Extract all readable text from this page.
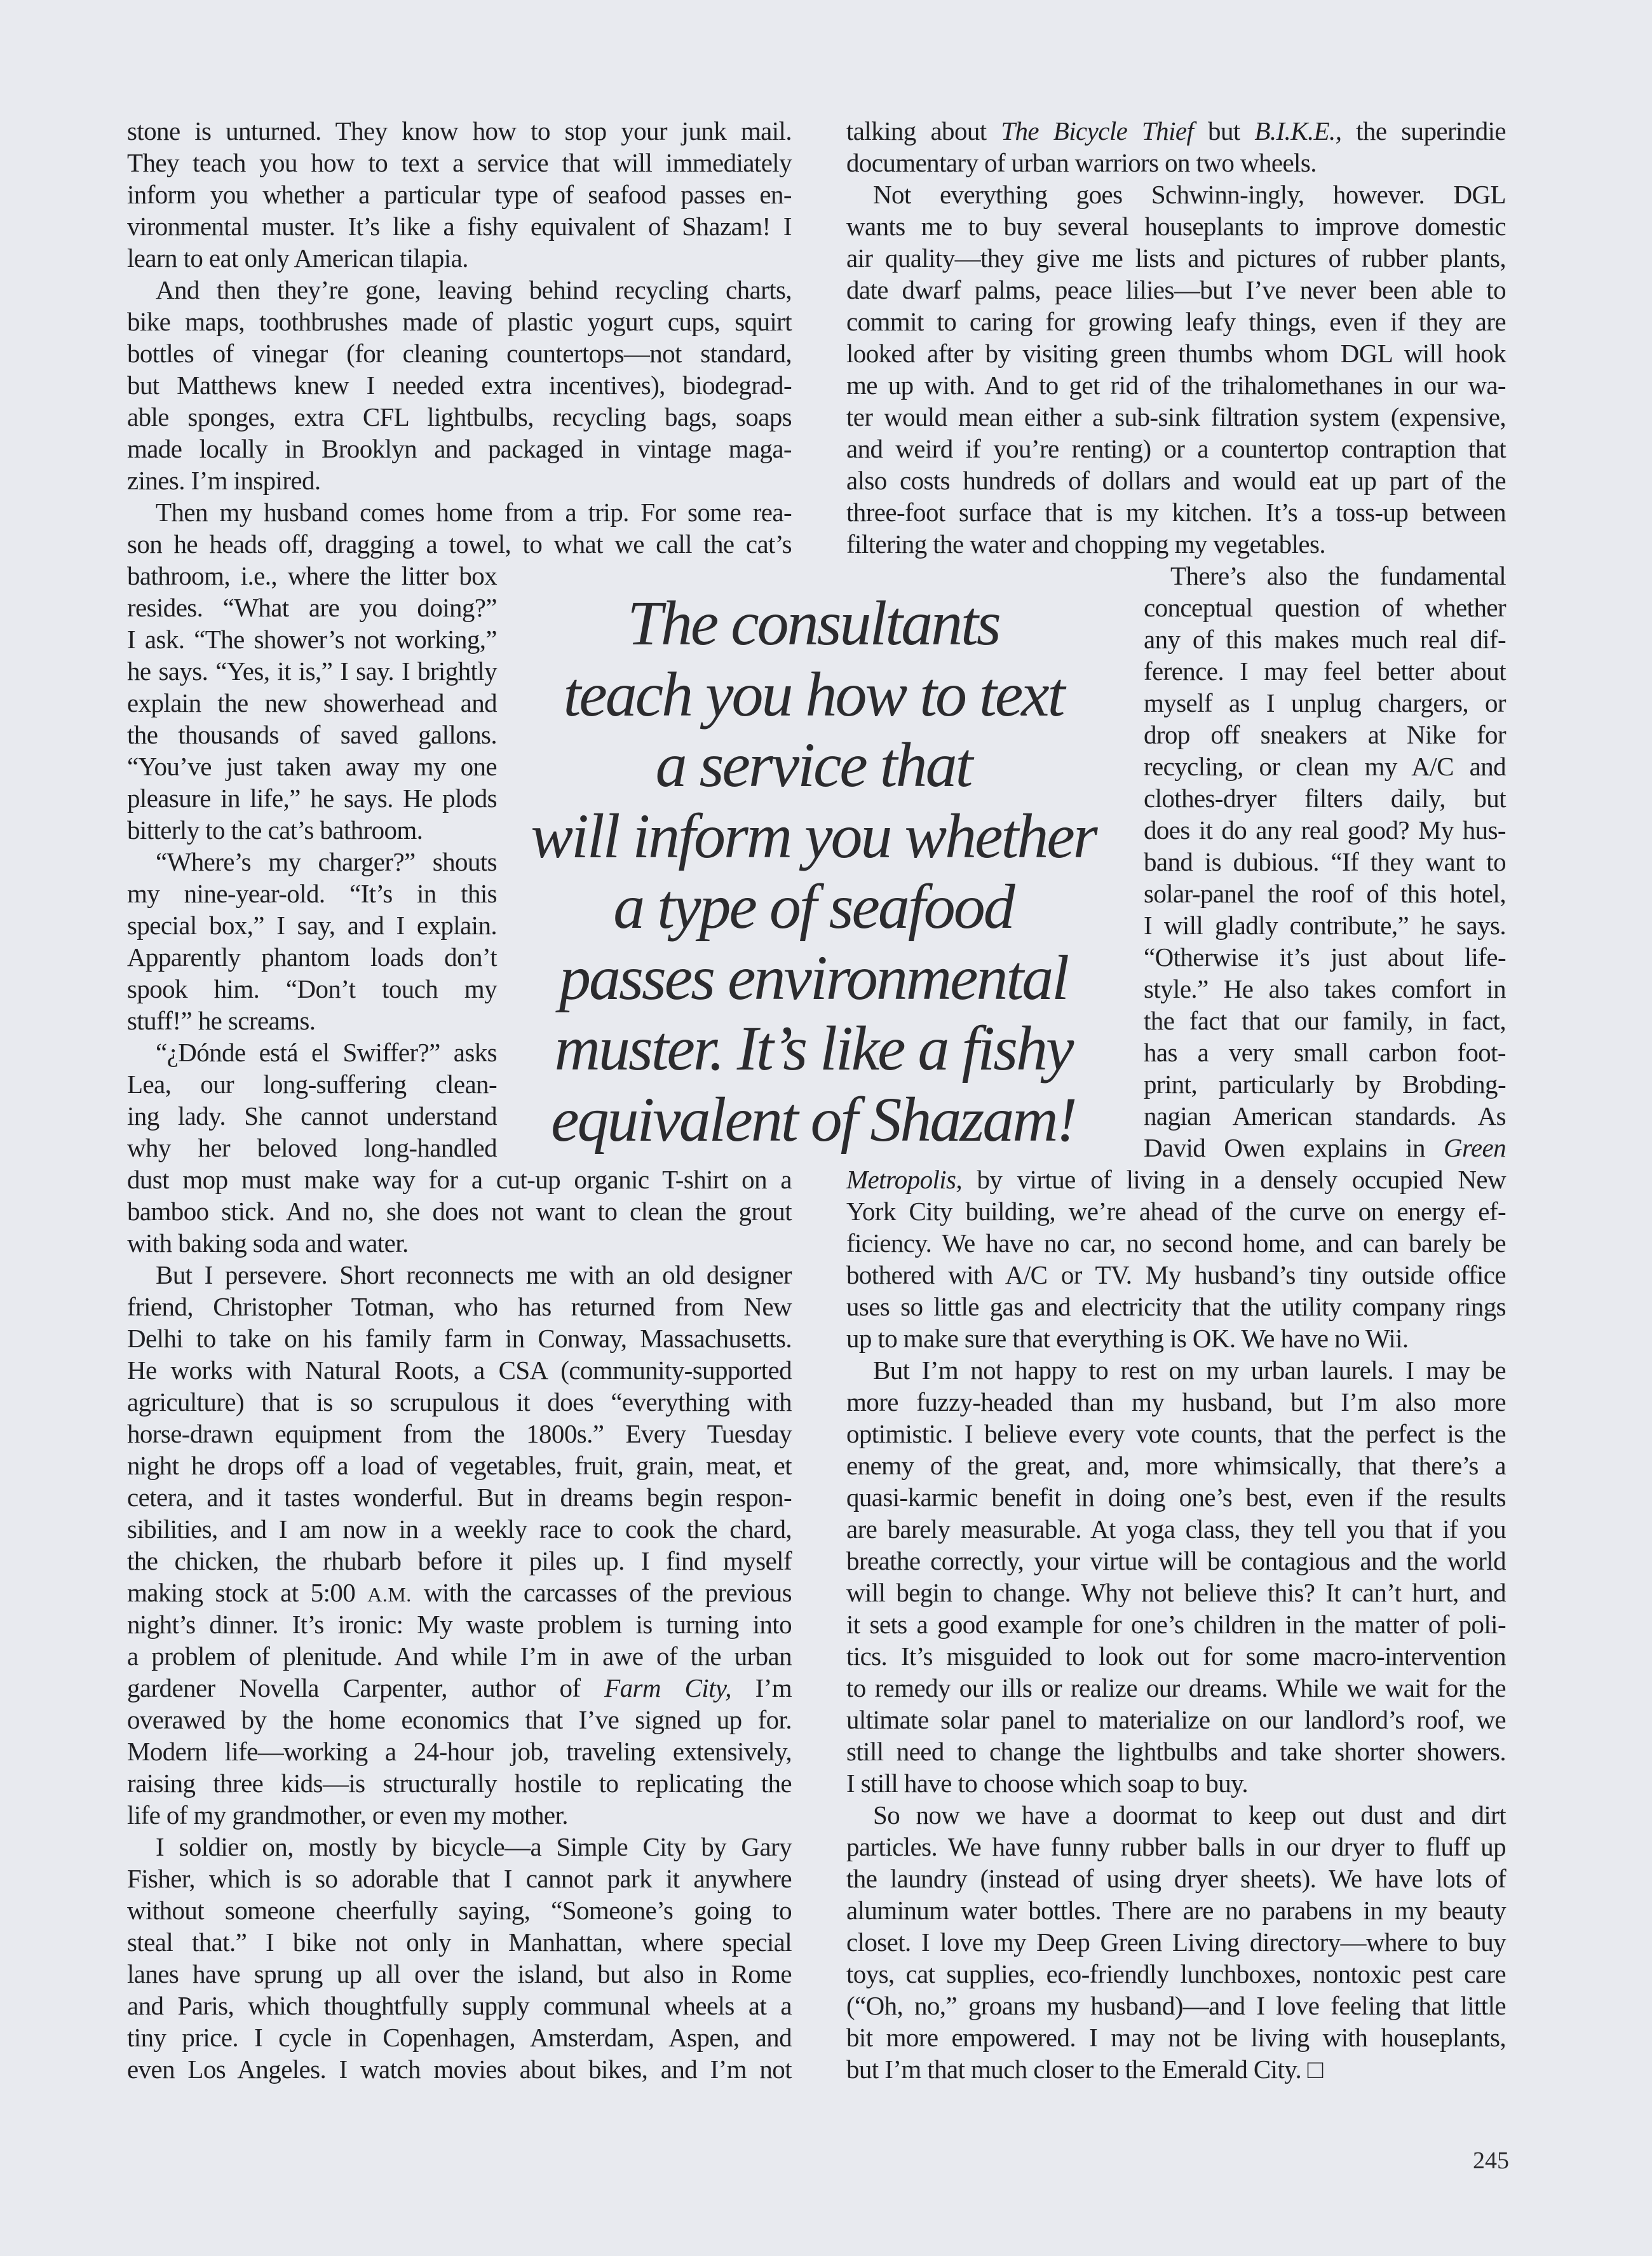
stone is unturned. They know how to stop your junk mail.
They teach you how to text a service that will immediately
inform you whether a particular type of seafood passes en-
vironmental muster. It’s like a fishy equivalent of Shazam! I
learn to eat only American tilapia.
And then they’re gone, leaving behind recycling charts,
bike maps, toothbrushes made of plastic yogurt cups, squirt
bottles of vinegar (for cleaning countertops—not standard,
but Matthews knew I needed extra incentives), biodegrad-
able sponges, extra CFL lightbulbs, recycling bags, soaps
made locally in Brooklyn and packaged in vintage maga-
zines. I’m inspired.
Then my husband comes home from a trip. For some rea-
son he heads off, dragging a towel, to what we call the cat’s
bathroom, i.e., where the litter box
resides. “What are you doing?”
I ask. “The shower’s not working,”
he says. “Yes, it is,” I say. I brightly
explain the new showerhead and
the thousands of saved gallons.
“You’ve just taken away my one
pleasure in life,” he says. He plods
bitterly to the cat’s bathroom.
“Where’s my charger?” shouts
my nine-year-old. “It’s in this
special box,” I say, and I explain.
Apparently phantom loads don’t
spook him. “Don’t touch my
stuff!” he screams.
“¿Dónde está el Swiffer?” asks
Lea, our long-suffering clean-
ing lady. She cannot understand
why her beloved long-handled
dust mop must make way for a cut-up organic T-shirt on a
bamboo stick. And no, she does not want to clean the grout
with baking soda and water.
But I persevere. Short reconnects me with an old designer
friend, Christopher Totman, who has returned from New
Delhi to take on his family farm in Conway, Massachusetts.
He works with Natural Roots, a CSA (community-supported
agriculture) that is so scrupulous it does “everything with
horse-drawn equipment from the 1800s.” Every Tuesday
night he drops off a load of vegetables, fruit, grain, meat, et
cetera, and it tastes wonderful. But in dreams begin respon-
sibilities, and I am now in a weekly race to cook the chard,
the chicken, the rhubarb before it piles up. I find myself
making stock at 5:00 A.M. with the carcasses of the previous
night’s dinner. It’s ironic: My waste problem is turning into
a problem of plenitude. And while I’m in awe of the urban
gardener Novella Carpenter, author of Farm City, I’m
overawed by the home economics that I’ve signed up for.
Modern life—working a 24-hour job, traveling extensively,
raising three kids—is structurally hostile to replicating the
life of my grandmother, or even my mother.
I soldier on, mostly by bicycle—a Simple City by Gary
Fisher, which is so adorable that I cannot park it anywhere
without someone cheerfully saying, “Someone’s going to
steal that.” I bike not only in Manhattan, where special
lanes have sprung up all over the island, but also in Rome
and Paris, which thoughtfully supply communal wheels at a
tiny price. I cycle in Copenhagen, Amsterdam, Aspen, and
even Los Angeles. I watch movies about bikes, and I’m not
talking about The Bicycle Thief but B.I.K.E., the superindie
documentary of urban warriors on two wheels.
Not everything goes Schwinn-ingly, however. DGL
wants me to buy several houseplants to improve domestic
air quality—they give me lists and pictures of rubber plants,
date dwarf palms, peace lilies—but I’ve never been able to
commit to caring for growing leafy things, even if they are
looked after by visiting green thumbs whom DGL will hook
me up with. And to get rid of the trihalomethanes in our wa-
ter would mean either a sub-sink filtration system (expensive,
and weird if you’re renting) or a countertop contraption that
also costs hundreds of dollars and would eat up part of the
three-foot surface that is my kitchen. It’s a toss-up between
filtering the water and chopping my vegetables.
There’s also the fundamental
conceptual question of whether
any of this makes much real dif-
ference. I may feel better about
myself as I unplug chargers, or
drop off sneakers at Nike for
recycling, or clean my A/C and
clothes-dryer filters daily, but
does it do any real good? My hus-
band is dubious. “If they want to
solar-panel the roof of this hotel,
I will gladly contribute,” he says.
“Otherwise it’s just about life-
style.” He also takes comfort in
the fact that our family, in fact,
has a very small carbon foot-
print, particularly by Brobding-
nagian American standards. As
David Owen explains in Green
Metropolis, by virtue of living in a densely occupied New
York City building, we’re ahead of the curve on energy ef-
ficiency. We have no car, no second home, and can barely be
bothered with A/C or TV. My husband’s tiny outside office
uses so little gas and electricity that the utility company rings
up to make sure that everything is OK. We have no Wii.
But I’m not happy to rest on my urban laurels. I may be
more fuzzy-headed than my husband, but I’m also more
optimistic. I believe every vote counts, that the perfect is the
enemy of the great, and, more whimsically, that there’s a
quasi-karmic benefit in doing one’s best, even if the results
are barely measurable. At yoga class, they tell you that if you
breathe correctly, your virtue will be contagious and the world
will begin to change. Why not believe this? It can’t hurt, and
it sets a good example for one’s children in the matter of poli-
tics. It’s misguided to look out for some macro-intervention
to remedy our ills or realize our dreams. While we wait for the
ultimate solar panel to materialize on our landlord’s roof, we
still need to change the lightbulbs and take shorter showers.
I still have to choose which soap to buy.
So now we have a doormat to keep out dust and dirt
particles. We have funny rubber balls in our dryer to fluff up
the laundry (instead of using dryer sheets). We have lots of
aluminum water bottles. There are no parabens in my beauty
closet. I love my Deep Green Living directory—where to buy
toys, cat supplies, eco-friendly lunchboxes, nontoxic pest care
(“Oh, no,” groans my husband)—and I love feeling that little
bit more empowered. I may not be living with houseplants,
but I’m that much closer to the Emerald City. □
The consultants
teach you how to text
a service that
will inform you whether
a type of seafood
passes environmental
muster. It’s like a fishy
equivalent of Shazam!
245
